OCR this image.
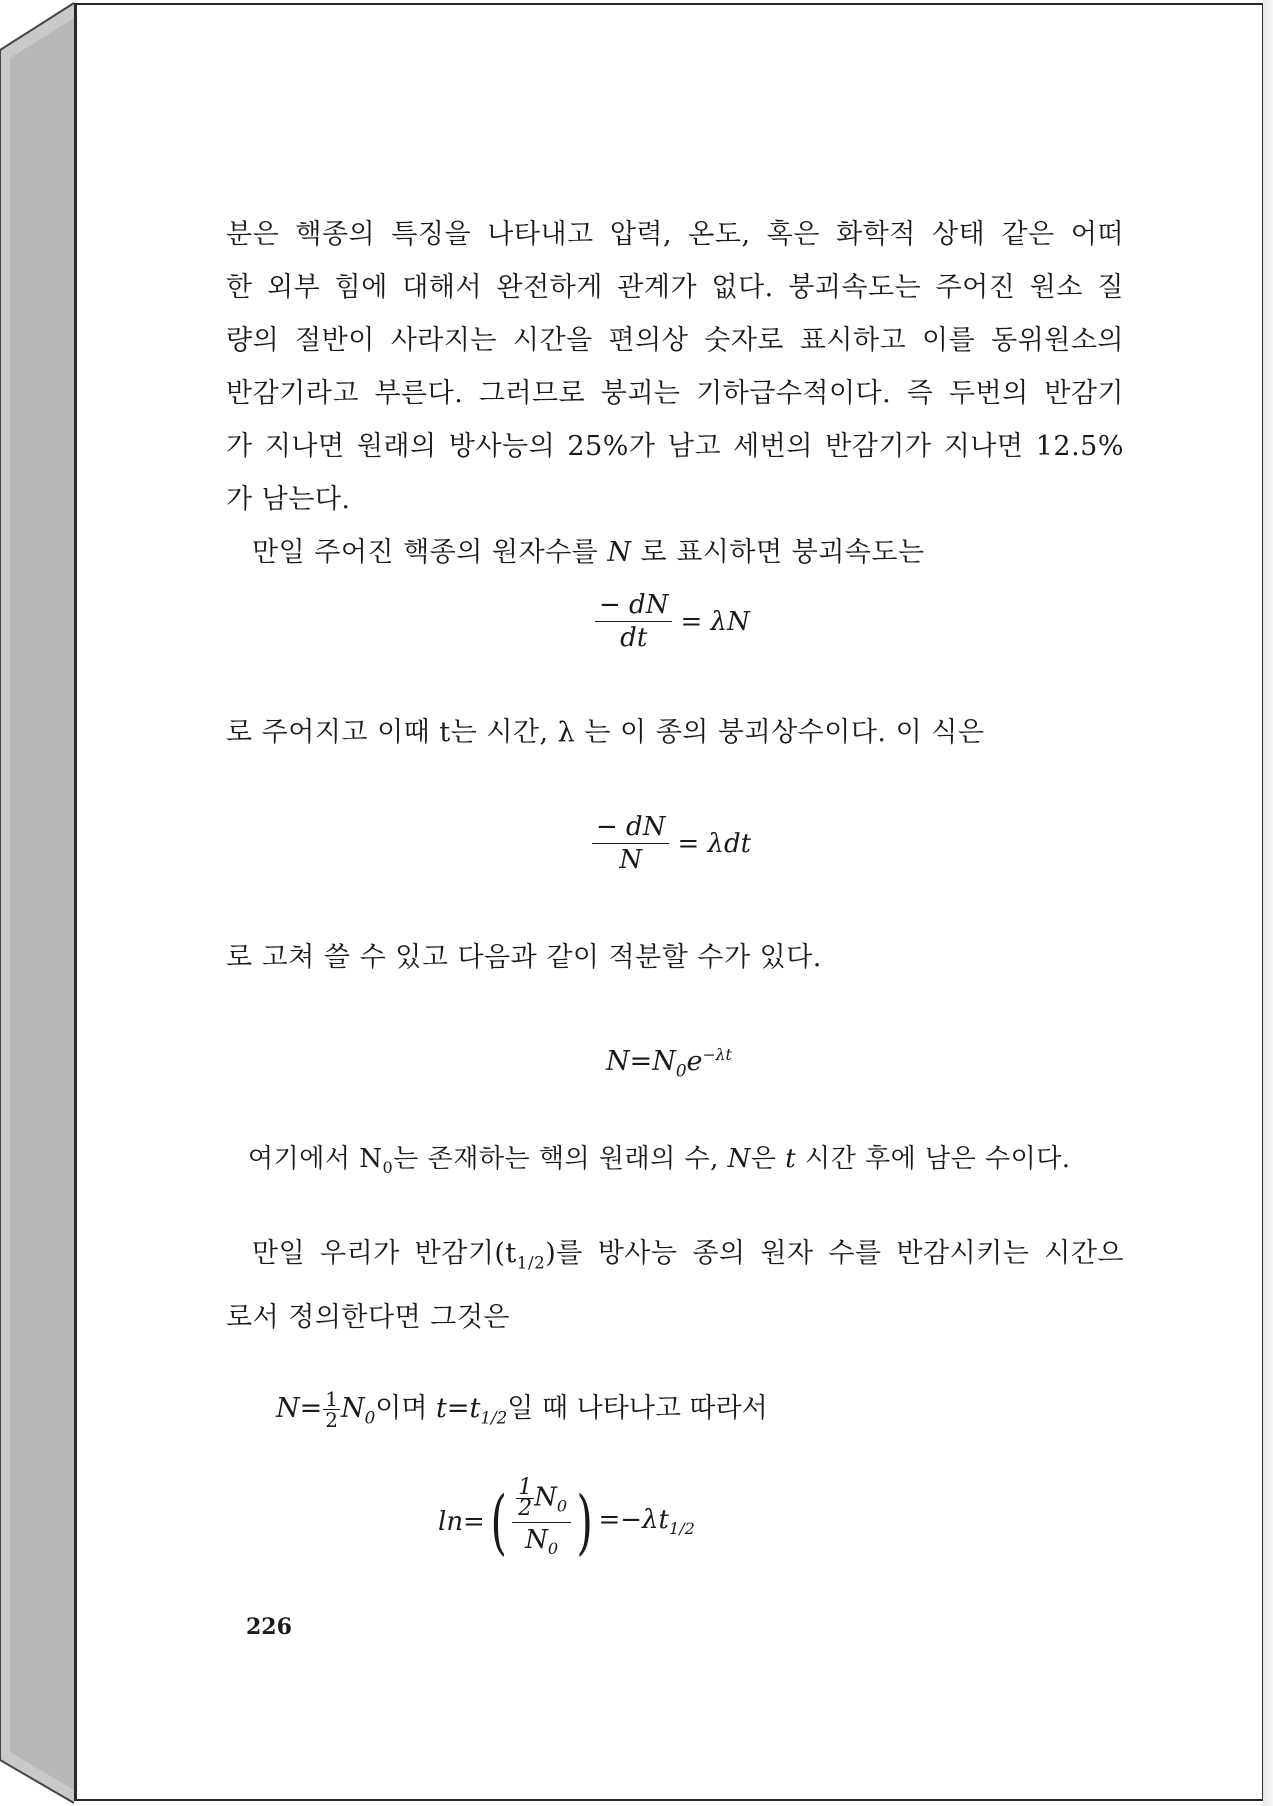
분은 핵종의 특징을 나타내고 압력, 온도, 혹은 화학적 상태 같은 어떠
한 외부 힘에 대해서 완전하게 관계가 없다. 붕괴속도는 주어진 원소 질
량의 절반이 사라지는 시간을 편의상 숫자로 표시하고 이를 동위원소의
반감기라고 부른다. 그러므로 붕괴는 기하급수적이다. 즉 두번의 반감기
가 지나면 원래의 방사능의 25%가 남고 세번의 반감기가 지나면 12.5%
가 남는다.
만일 주어진 핵종의 원자수를 N 로 표시하면 붕괴속도는
$\frac{- dN}{dt} = \lambda N$
로 주어지고 이때 t는 시간, λ 는 이 종의 붕괴상수이다. 이 식은
$\frac{- dN}{N} = \lambda dt$
로 고쳐 쓸 수 있고 다음과 같이 적분할 수가 있다.
$N=N_0e^{-\lambda t}$
여기에서 $N_0$는 존재하는 핵의 원래의 수, N은 t 시간 후에 남은 수이다.
만일 우리가 반감기$(t_{1/2})$를 방사능 종의 원자 수를 반감시키는 시간으
로서 정의한다면 그것은
$N= \frac{1}{2} N_0$이며 $t=t_{1/2}$일 때 나타나고 따라서
$\ln=( \frac{\frac{1}{2} N_0}{N_0}$ ) $=-\lambda t_{1/2}$
226
